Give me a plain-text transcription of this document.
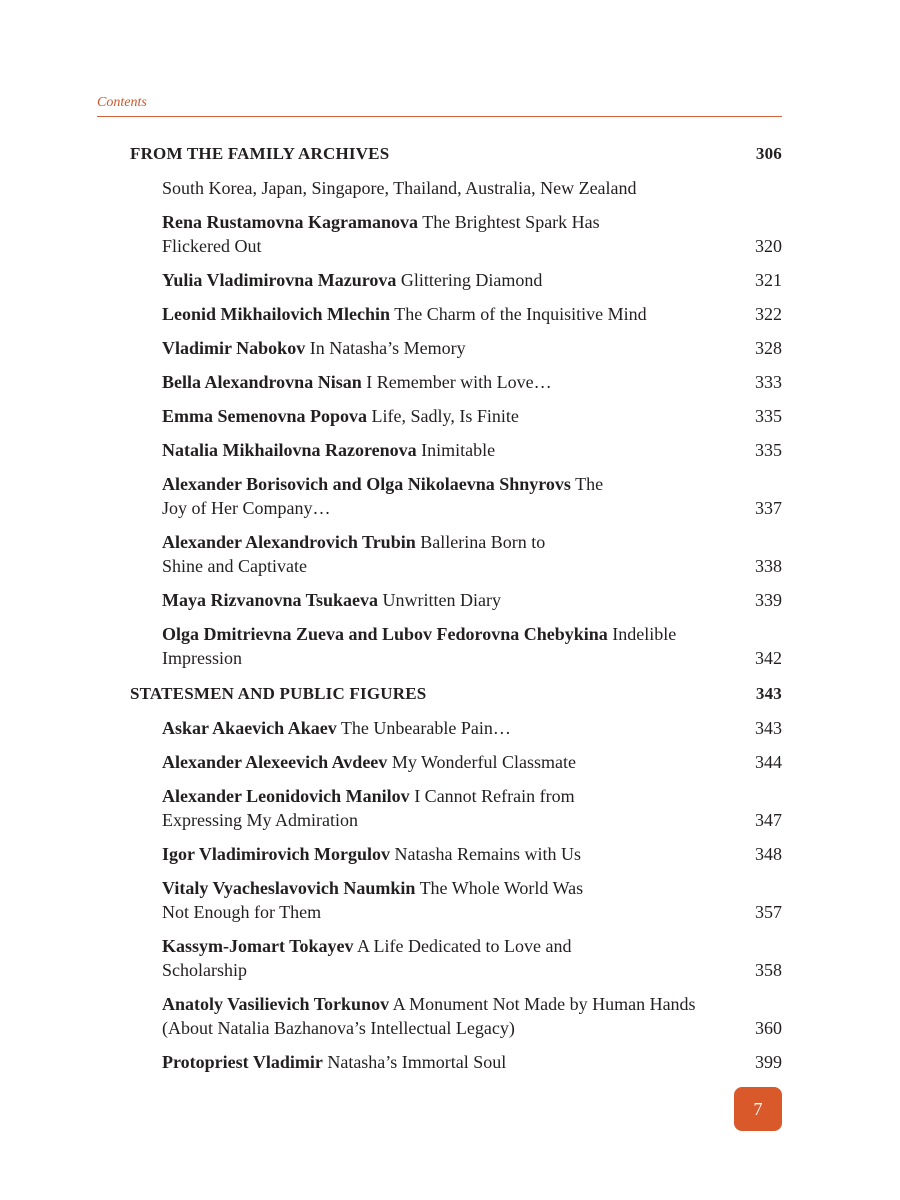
Contents
FROM THE FAMILY ARCHIVES	306
South Korea, Japan, Singapore, Thailand, Australia, New Zealand
Rena Rustamovna Kagramanova The Brightest Spark Has Flickered Out	320
Yulia Vladimirovna Mazurova Glittering Diamond	321
Leonid Mikhailovich Mlechin The Charm of the Inquisitive Mind	322
Vladimir Nabokov In Natasha’s Memory	328
Bella Alexandrovna Nisan I Remember with Love…	333
Emma Semenovna Popova Life, Sadly, Is Finite	335
Natalia Mikhailovna Razorenova Inimitable	335
Alexander Borisovich and Olga Nikolaevna Shnyrovs The Joy of Her Company…	337
Alexander Alexandrovich Trubin Ballerina Born to Shine and Captivate	338
Maya Rizvanovna Tsukaeva Unwritten Diary	339
Olga Dmitrievna Zueva and Lubov Fedorovna Chebykina Indelible Impression	342
STATESMEN AND PUBLIC FIGURES	343
Askar Akaevich Akaev The Unbearable Pain…	343
Alexander Alexeevich Avdeev My Wonderful Classmate	344
Alexander Leonidovich Manilov I Cannot Refrain from Expressing My Admiration	347
Igor Vladimirovich Morgulov Natasha Remains with Us	348
Vitaly Vyacheslavovich Naumkin The Whole World Was Not Enough for Them	357
Kassym-Jomart Tokayev A Life Dedicated to Love and Scholarship	358
Anatoly Vasilievich Torkunov A Monument Not Made by Human Hands (About Natalia Bazhanova’s Intellectual Legacy)	360
Protopriest Vladimir Natasha’s Immortal Soul	399
7
